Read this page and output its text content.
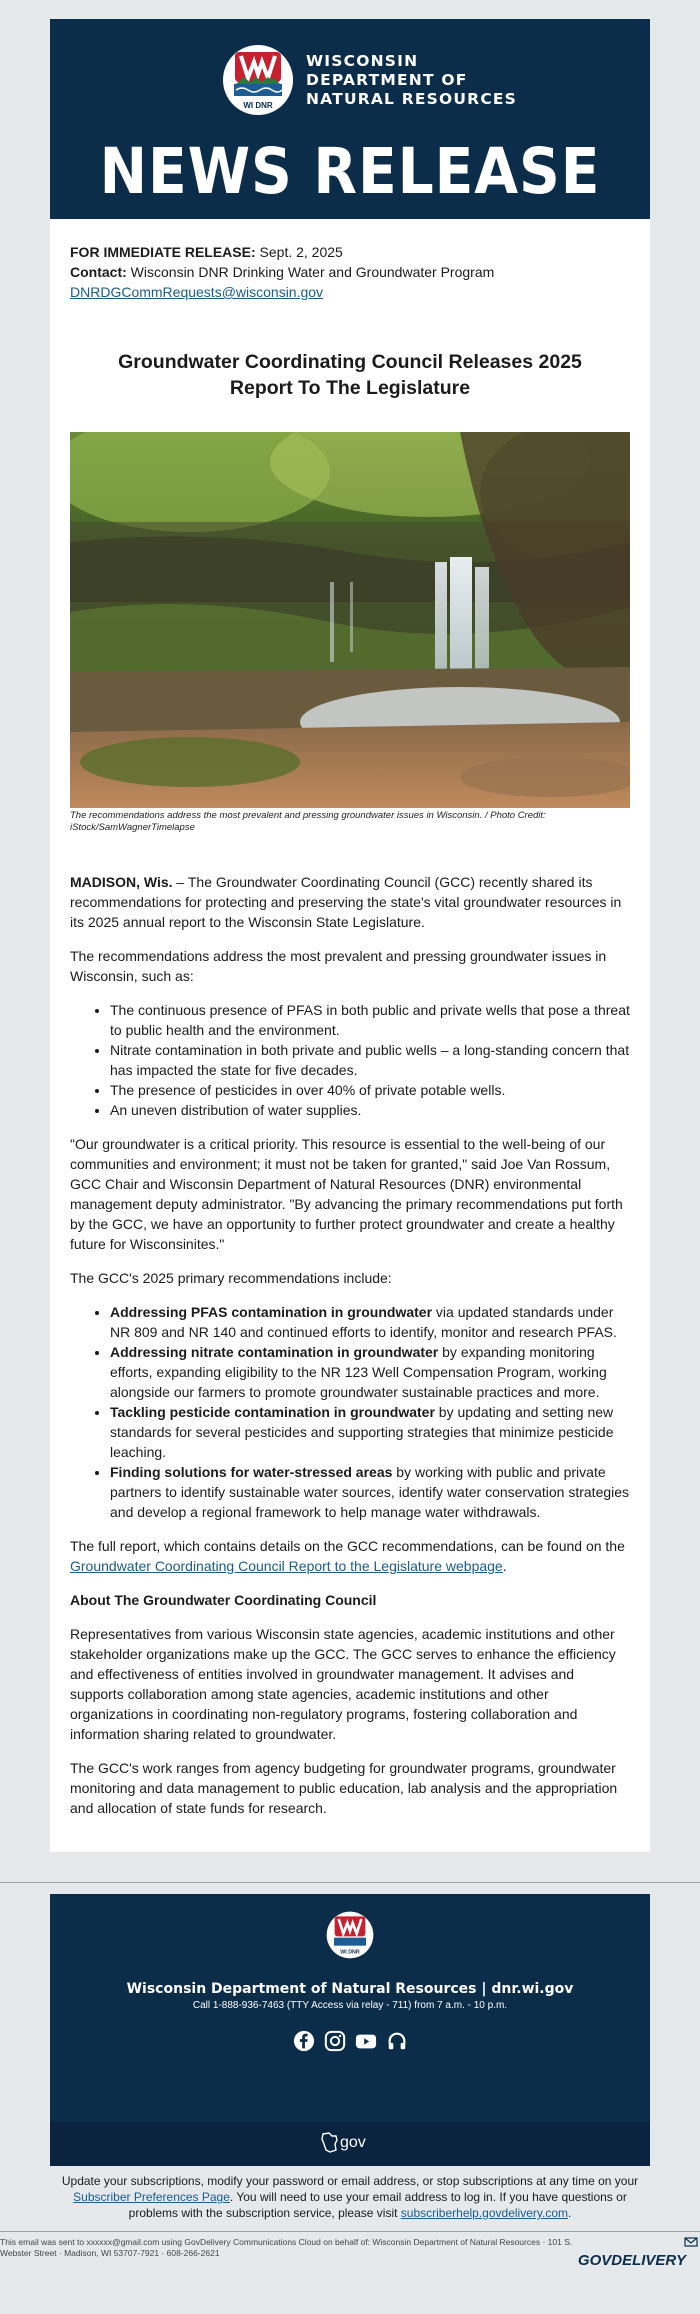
WI DNR
WISCONSIN
DEPARTMENT OF
NATURAL RESOURCES
NEWS RELEASE
FOR IMMEDIATE RELEASE: Sept. 2, 2025
Contact: Wisconsin DNR Drinking Water and Groundwater Program
DNRDGCommRequests@wisconsin.gov
Groundwater Coordinating Council Releases 2025 Report To The Legislature
The recommendations address the most prevalent and pressing groundwater issues in Wisconsin. / Photo Credit: iStock/SamWagnerTimelapse

MADISON, Wis. – The Groundwater Coordinating Council (GCC) recently shared its recommendations for protecting and preserving the state's vital groundwater resources in its 2025 annual report to the Wisconsin State Legislature.

The recommendations address the most prevalent and pressing groundwater issues in Wisconsin, such as:

• The continuous presence of PFAS in both public and private wells that pose a threat to public health and the environment.
• Nitrate contamination in both private and public wells – a long-standing concern that has impacted the state for five decades.
• The presence of pesticides in over 40% of private potable wells.
• An uneven distribution of water supplies.

"Our groundwater is a critical priority. This resource is essential to the well-being of our communities and environment; it must not be taken for granted," said Joe Van Rossum, GCC Chair and Wisconsin Department of Natural Resources (DNR) environmental management deputy administrator. "By advancing the primary recommendations put forth by the GCC, we have an opportunity to further protect groundwater and create a healthy future for Wisconsinites."

The GCC's 2025 primary recommendations include:

• Addressing PFAS contamination in groundwater via updated standards under NR 809 and NR 140 and continued efforts to identify, monitor and research PFAS.
• Addressing nitrate contamination in groundwater by expanding monitoring efforts, expanding eligibility to the NR 123 Well Compensation Program, working alongside our farmers to promote groundwater sustainable practices and more.
• Tackling pesticide contamination in groundwater by updating and setting new standards for several pesticides and supporting strategies that minimize pesticide leaching.
• Finding solutions for water-stressed areas by working with public and private partners to identify sustainable water sources, identify water conservation strategies and develop a regional framework to help manage water withdrawals.

The full report, which contains details on the GCC recommendations, can be found on the Groundwater Coordinating Council Report to the Legislature webpage.

About The Groundwater Coordinating Council

Representatives from various Wisconsin state agencies, academic institutions and other stakeholder organizations make up the GCC. The GCC serves to enhance the efficiency and effectiveness of entities involved in groundwater management. It advises and supports collaboration among state agencies, academic institutions and other organizations in coordinating non-regulatory programs, fostering collaboration and information sharing related to groundwater.

The GCC's work ranges from agency budgeting for groundwater programs, groundwater monitoring and data management to public education, lab analysis and the appropriation and allocation of state funds for research.

WI DNR
Wisconsin Department of Natural Resources | dnr.wi.gov
Call 1-888-936-7463 (TTY Access via relay - 711) from 7 a.m. - 10 p.m.
gov
Update your subscriptions, modify your password or email address, or stop subscriptions at any time on your Subscriber Preferences Page. You will need to use your email address to log in. If you have questions or problems with the subscription service, please visit subscriberhelp.govdelivery.com.
This email was sent to xxxxxx@gmail.com using GovDelivery Communications Cloud on behalf of: Wisconsin Department of Natural Resources · 101 S. Webster Street · Madison, WI 53707-7921 · 608-266-2621	GOVDELIVERY
